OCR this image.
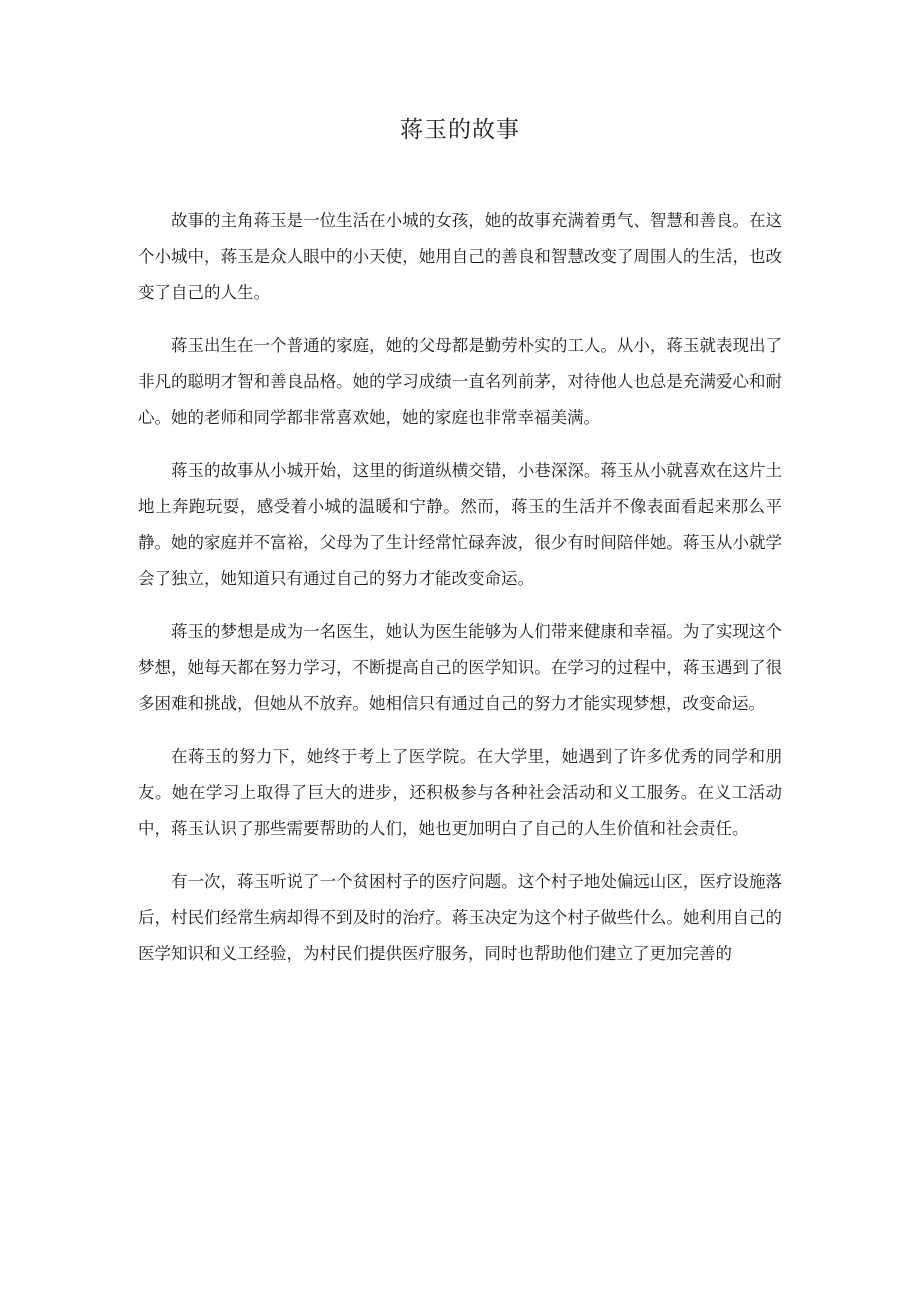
蒋玉的故事

故事的主角蒋玉是一位生活在小城的女孩，她的故事充满着勇气、智慧和善良。在这个小城中，蒋玉是众人眼中的小天使，她用自己的善良和智慧改变了周围人的生活，也改变了自己的人生。

蒋玉出生在一个普通的家庭，她的父母都是勤劳朴实的工人。从小，蒋玉就表现出了非凡的聪明才智和善良品格。她的学习成绩一直名列前茅，对待他人也总是充满爱心和耐心。她的老师和同学都非常喜欢她，她的家庭也非常幸福美满。

蒋玉的故事从小城开始，这里的街道纵横交错，小巷深深。蒋玉从小就喜欢在这片土地上奔跑玩耍，感受着小城的温暖和宁静。然而，蒋玉的生活并不像表面看起来那么平静。她的家庭并不富裕，父母为了生计经常忙碌奔波，很少有时间陪伴她。蒋玉从小就学会了独立，她知道只有通过自己的努力才能改变命运。

蒋玉的梦想是成为一名医生，她认为医生能够为人们带来健康和幸福。为了实现这个梦想，她每天都在努力学习，不断提高自己的医学知识。在学习的过程中，蒋玉遇到了很多困难和挑战，但她从不放弃。她相信只有通过自己的努力才能实现梦想，改变命运。

在蒋玉的努力下，她终于考上了医学院。在大学里，她遇到了许多优秀的同学和朋友。她在学习上取得了巨大的进步，还积极参与各种社会活动和义工服务。在义工活动中，蒋玉认识了那些需要帮助的人们，她也更加明白了自己的人生价值和社会责任。

有一次，蒋玉听说了一个贫困村子的医疗问题。这个村子地处偏远山区，医疗设施落后，村民们经常生病却得不到及时的治疗。蒋玉决定为这个村子做些什么。她利用自己的医学知识和义工经验，为村民们提供医疗服务，同时也帮助他们建立了更加完善的
